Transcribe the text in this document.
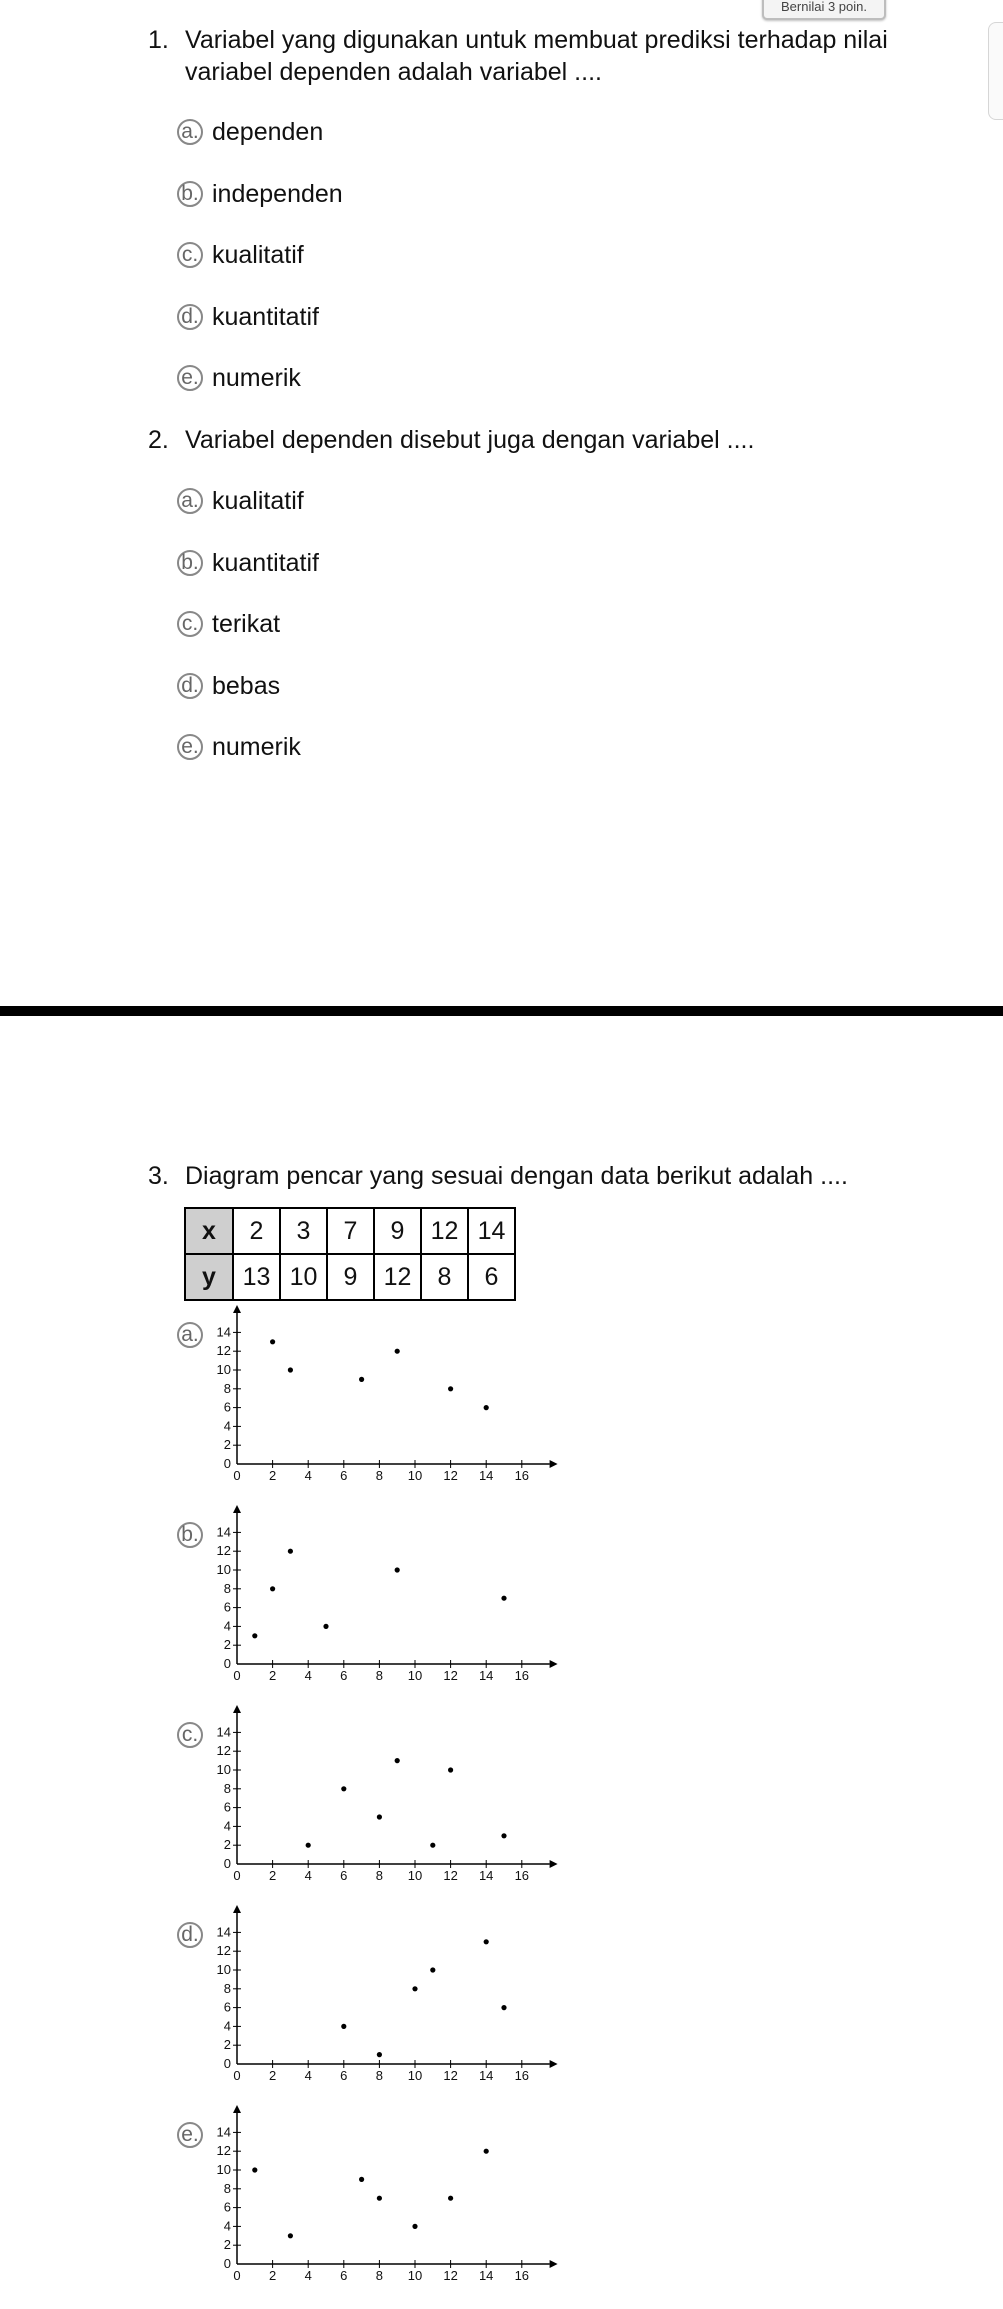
Bernilai 3 poin.
1. Variabel yang digunakan untuk membuat prediksi terhadap nilai variabel dependen adalah variabel ....
a. dependen
b. independen
c. kualitatif
d. kuantitatif
e. numerik
2. Variabel dependen disebut juga dengan variabel ....
a. kualitatif
b. kuantitatif
c. terikat
d. bebas
e. numerik
3. Diagram pencar yang sesuai dengan data berikut adalah ....
x	2	3	7	9	12	14
y	13	10	9	12	8	6
a.
0 2 4 6 8 10 12 14 16
0
2
4
6
8
10
12
14
b.
0 2 4 6 8 10 12 14 16
0
2
4
6
8
10
12
14
c.
0 2 4 6 8 10 12 14 16
0
2
4
6
8
10
12
14
d.
0 2 4 6 8 10 12 14 16
0
2
4
6
8
10
12
14
e.
0 2 4 6 8 10 12 14 16
0
2
4
6
8
10
12
14
